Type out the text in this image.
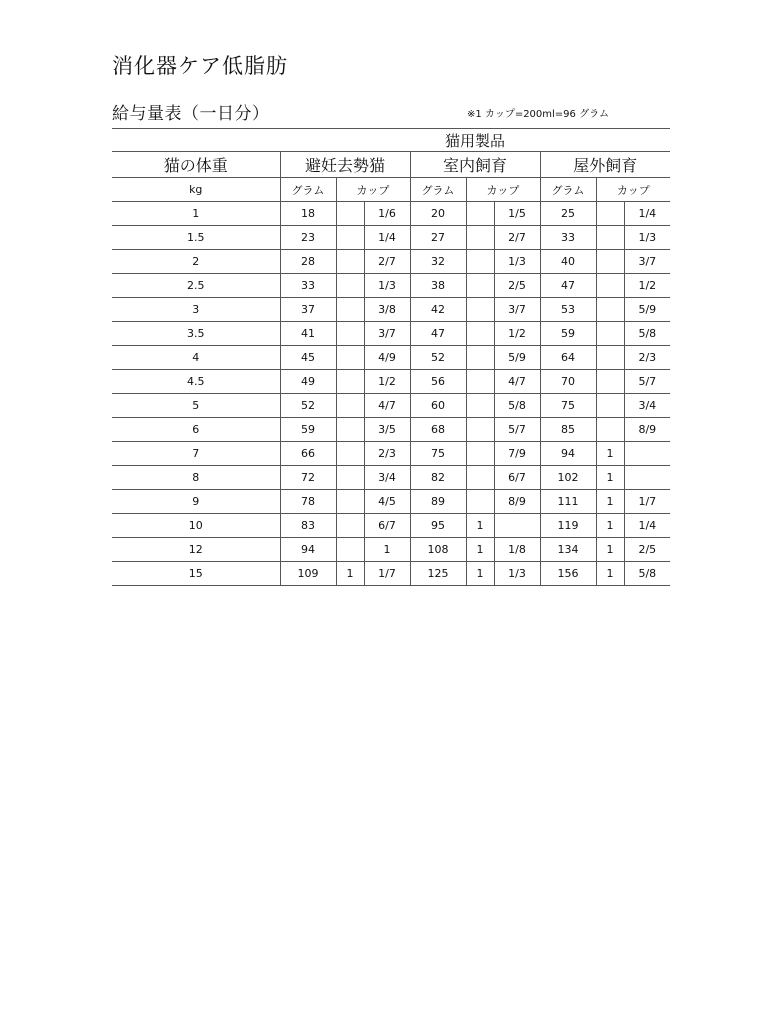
消化器ケア低脂肪
給与量表（一日分）	※1 カップ=200ml=96 グラム
	猫用製品								
猫の体重	避妊去勢猫			室内飼育			屋外飼育		
kg	グラム	カップ		グラム	カップ		グラム	カップ	
1	18		1/6	20		1/5	25		1/4
1.5	23		1/4	27		2/7	33		1/3
2	28		2/7	32		1/3	40		3/7
2.5	33		1/3	38		2/5	47		1/2
3	37		3/8	42		3/7	53		5/9
3.5	41		3/7	47		1/2	59		5/8
4	45		4/9	52		5/9	64		2/3
4.5	49		1/2	56		4/7	70		5/7
5	52		4/7	60		5/8	75		3/4
6	59		3/5	68		5/7	85		8/9
7	66		2/3	75		7/9	94	1	
8	72		3/4	82		6/7	102	1	
9	78		4/5	89		8/9	111	1	1/7
10	83		6/7	95	1		119	1	1/4
12	94		1	108	1	1/8	134	1	2/5
15	109	1	1/7	125	1	1/3	156	1	5/8
